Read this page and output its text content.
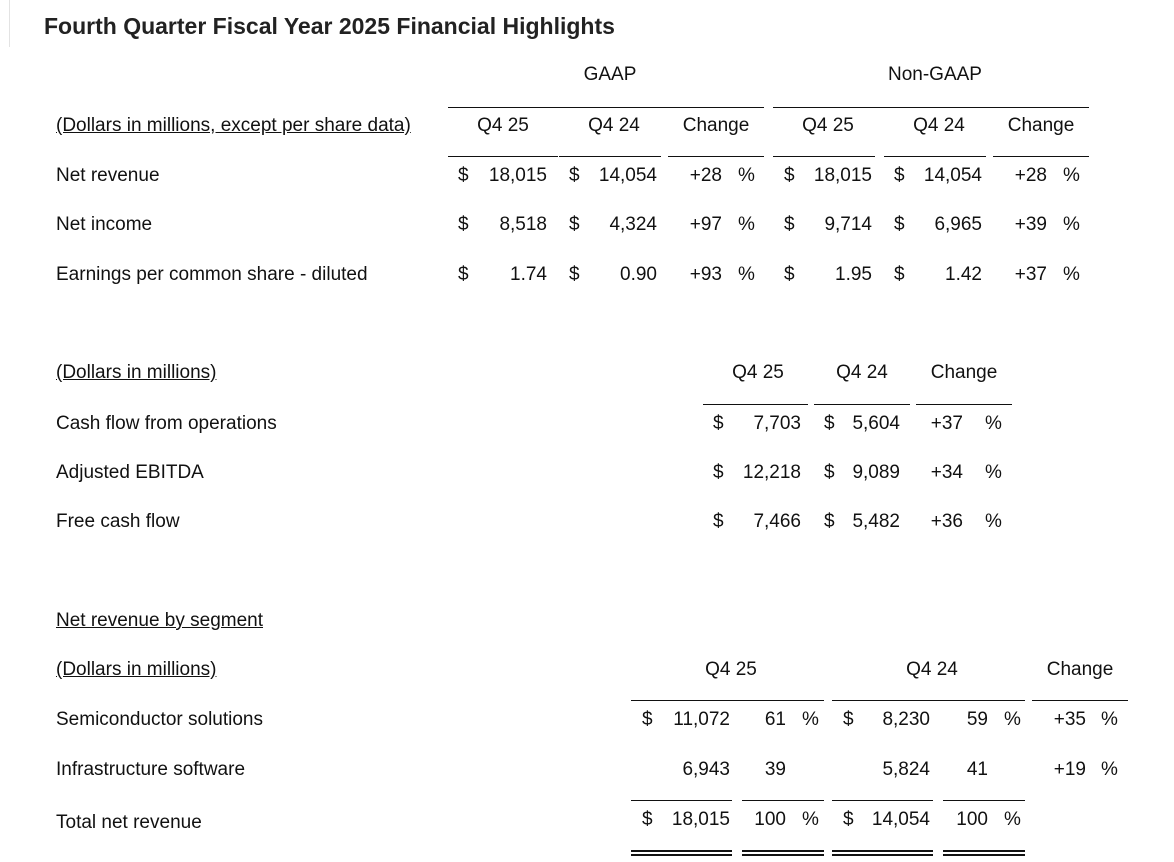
Fourth Quarter Fiscal Year 2025 Financial Highlights
GAAP	Non-GAAP
(Dollars in millions, except per share data)	Q4 25	Q4 24	Change	Q4 25	Q4 24	Change
Net revenue	$	18,015 $	14,054	+28 % $	18,015 $	14,054	+28 %
Net income	$	8,518 $	4,324	+97 % $	9,714 $	6,965	+39 %
Earnings per common share - diluted	$	1.74 $	0.90	+93 % $	1.95 $	1.42	+37 %
(Dollars in millions)	Q4 25	Q4 24	Change
Cash flow from operations	$	7,703 $ 5,604	+37 %
Adjusted EBITDA	$	12,218 $ 9,089	+34 %
Free cash flow	$	7,466 $ 5,482	+36 %
Net revenue by segment
(Dollars in millions)	Q4 25	Q4 24	Change
Semiconductor solutions	$	11,072	61 % $	8,230	59 %	+35 %
Infrastructure software	6,943	39	5,824	41	+19 %
Total net revenue	$	18,015	100 % $ 14,054	100 %
